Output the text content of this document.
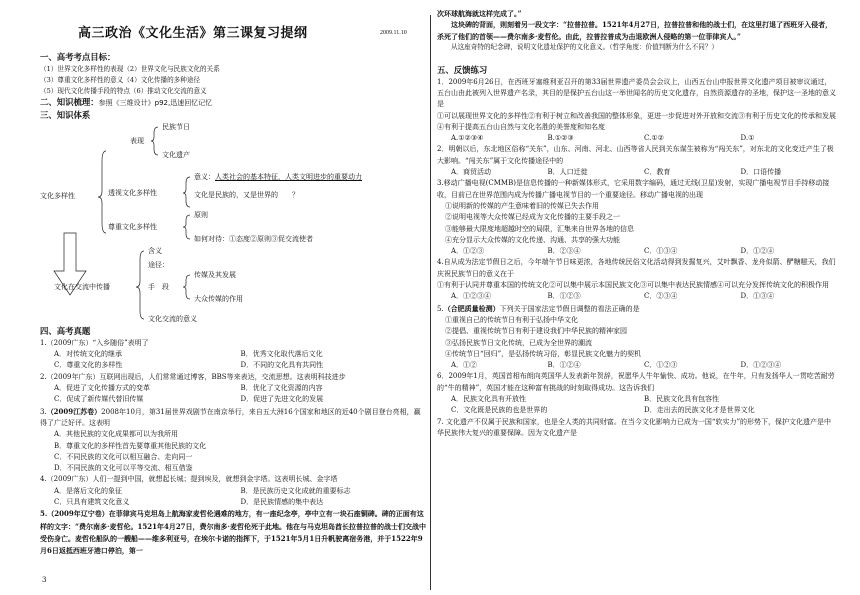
高三政治《文化生活》第三课复习提纲	2009.11.10

一、高考考点目标：

（1）世界文化多样性的表现（2）世界文化与民族文化的关系

（3）尊重文化多样性的意义（4）文化传播的多种途径

（5）现代文化传播手段的特点（6）推动文化交流的意义

二、知识梳理：参照《三维设计》p92,迅速回忆记忆

三、知识体系

文化多样性
表现
民族节日
文化遗产
透视文化多样性
意义：人类社会的基本特征，人类文明进步的重要动力
文化是民族的，又是世界的 ？
尊重文化多样性
原则
如何对待：①态度②原则③促交流使者
文化在交流中传播
含义
途径：
手　段
传媒及其发展
大众传媒的作用
文化交流的意义

四、高考真题

1.（2009广东）“入乡随俗”表明了

A．对传统文化的继承	B．优秀文化取代落后文化
C．尊重文化的多样性	D．不同的文化具有共同性

2.（2009年广东）互联网出现后，人们常常通过博客，BBS等来表达，交流思想。这表明科技进步

A．促进了文化传播方式的变革	B．优化了文化资源的内容
C．促成了新传媒代替旧传媒	D．促进了先进文化的发展

3.（2009江苏卷）2008年10月，第31届世界戏剧节在南京举行，来自五大洲16个国家和地区的近40个剧目登台亮相，赢得了广泛好评。这表明

A．其他民族的文化成果都可以为我所用
B．尊重文化的多样性首先要尊重其他民族的文化
C．不同民族的文化可以相互融合、走向同一
D．不同民族的文化可以平等交流、相互借鉴

4.（2009广东）人们一提到中国，就想起长城；提到埃及，就想到金字塔。这表明长城、金字塔

A．是落后文化的象征	B．是民族历史文化成就的重要标志
C．只具有建筑文化意义	D．是民族情感的集中表达

5.（2009年辽宁卷）在菲律宾马克坦岛上航海家麦哲伦遇难的地方，有一座纪念亭，亭中立有一块石座铜碑。碑的正面有这样的文字：“费尔南多·麦哲伦。1521年4月27日，费尔南多·麦哲伦死于此地。他在与马克坦岛酋长拉普拉普的战士们交战中受伤身亡。麦哲伦船队的一艘船——维多利亚号，在埃尔卡诺的指挥下，于1521年5月1日升帆驶离宿务港，并于1522年9月6日返抵西班牙港口停泊，第一

次环球航海就这样完成了。”

这块碑的背面，则刻着另一段文字：“拉普拉普。1521年4月27日，拉普拉普和他的战士们，在这里打退了西班牙入侵者，杀死了他们的首领——费尔南多·麦哲伦。由此，拉普拉普成为击退欧洲人侵略的第一位菲律宾人。”

从这座奇特的纪念碑，说明文化遗址保护的文化意义。（哲学角度：价值判断为什么不同？）

五、反馈练习

1．2009年6月26日，在西班牙塞维利亚召开的第33届世界遗产委员会会议上，山西五台山申报世界文化遗产项目被审议通过，五台山由此被列入世界遗产名录，其目的是保护五台山这一举世闻名的历史文化遗存，自然资源遗存的圣地，保护这一圣地的意义是

①可以展现世界文化的多样性②有利于树立和改善我国的整体形象，更进一步促进对外开放和交流③有利于历史文化的传承和发展④有利于提高五台山自然与文化名胜的美誉度和知名度

A.①②③④	B.①②③	C.①②	D.①

2．明朝以后，东北地区俗称“关东”，山东、河南、河北、山西等省人民到关东谋生被称为“闯关东”，对东北的文化变迁产生了极大影响。“闯关东”属于文化传播途径中的

A．商贸活动	B．人口迁徙	C．教育	D．口语传播

3.移动广播电视(CMMB)是信息传播的一种新媒体形式，它采用数字编码，通过无线(卫星)发射，实现广播电视节目手持移动接收，目前已在世界范围内成为传播广播电视节目的一个重要途径。移动广播电视的出现

①说明新的传媒的产生意味着旧的传媒已失去作用

②说明电视等大众传媒已经成为文化传播的主要手段之一

③能够最大限度地超越时空的局限，汇集来自世界各地的信息

④充分显示大众传媒的文化传递、沟通、共享的强大功能

A．①②③	B．②③④	C．①③④	D．①②④

4.自从成为法定节假日之后，今年端午节日味更浓，各地传统民俗文化活动得到发掘复兴，艾叶飘香、龙舟似箭、酽糖糍天，我们庆祝民族节日的意义在于

①有利于认同并尊重本国的传统文化②可以集中展示本国民族文化③可以集中表达民族情感④可以充分发挥传统文化的积极作用

A．①②③④	B．①②③	C．②③④	D．①③④

5.（合肥质量检测）下列关于国家法定节假日调整的看法正确的是

①重视自己的传统节日有利于弘扬中华文化

②提倡、重视传统节日有利于建设我们中华民族的精神家园

③弘扬民族节日文化传统，已成为全世界的潮流

④传统节日“回归”，是弘扬传统习俗，彰显民族文化魅力的契机

A．①②	B．①②④	C．①②③	D．①②③④

6．2009年1月，英国首相布朗向英国华人发表新年贺辞，祝愿华人牛年愉快、成功。他说，在牛年，只有发扬华人一贯吃苦耐劳的“牛的精神”，英国才能在这种富有挑战的时刻取得成功。这告诉我们

A．民族文化具有开放性	B．民族文化具有包容性
C．文化既是民族的也是世界的	D．走出去的民族文化才是世界文化

7. 文化遗产不仅属于民族和国家，也是全人类的共同财富。在当今文化影响力已成为一国“软实力”的形势下，保护文化遗产是中华民族伟大复兴的重要保障。因为文化遗产是

3
